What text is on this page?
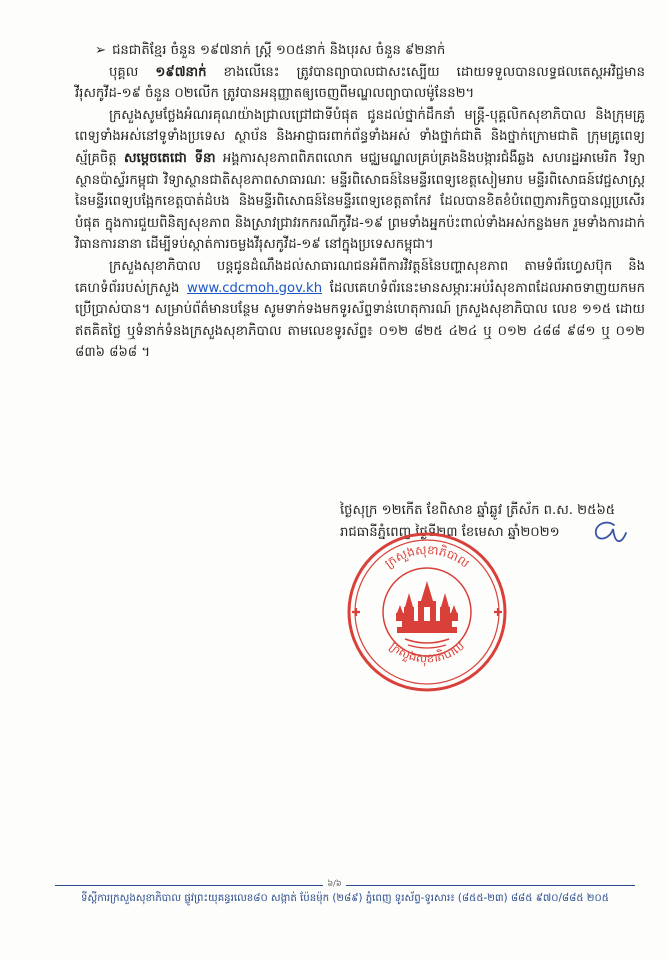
➢ ជនជាតិខ្មែរ ចំនួន ១៩៧នាក់ ស្ត្រី ១០៥នាក់ និងបុរស ចំនួន ៩២នាក់

បុគ្គល ១៩៧នាក់ ខាងលើនេះ ត្រូវបានព្យាបាលជាសះស្បើយ ដោយទទួលបានលទ្ធផលតេស្តអវិជ្ជមានវីរុសកូវីដ-១៩ ចំនួន ០២លើក ត្រូវបានអនុញ្ញាតឲ្យចេញពីមណ្ឌលព្យាបាលម៉ូនែន២។

ក្រសួងសូមថ្លែងអំណរគុណយ៉ាងជ្រាលជ្រៅជាទីបំផុត ជូនដល់ថ្នាក់ដឹកនាំ មន្ត្រី-បុគ្គលិកសុខាភិបាល និងក្រុមគ្រូពេទ្យទាំងអស់នៅទូទាំងប្រទេស ស្ថាប័ន និងអាជ្ញាធរពាក់ព័ន្ធទាំងអស់ ទាំងថ្នាក់ជាតិ និងថ្នាក់ក្រោមជាតិ ក្រុមគ្រូពេទ្យស្ម័គ្រចិត្ត សម្តេចតេជោ ទីនា អង្គការសុខភាពពិភពលោក មជ្ឈមណ្ឌលគ្រប់គ្រងនិងបង្ការជំងឺឆ្លង សហរដ្ឋអាមេរិក វិទ្យាស្ថានប៉ាស្ទ័រកម្ពុជា វិទ្យាស្ថានជាតិសុខភាពសាធារណៈ មន្ទីរពិសោធន៍នៃមន្ទីរពេទ្យខេត្តសៀមរាប មន្ទីរពិសោធន៍វេជ្ជសាស្ត្រនៃមន្ទីរពេទ្យបង្អែកខេត្តបាត់ដំបង និងមន្ទីរពិសោធន៍នៃមន្ទីរពេទ្យខេត្តតាកែវ ដែលបានខិតខំបំពេញភារកិច្ចបានល្អប្រសើរបំផុត ក្នុងការជួយពិនិត្យសុខភាព និងស្រាវជ្រាវរកករណីកូវីដ-១៩ ព្រមទាំងអ្នកប៉ះពាល់ទាំងអស់កន្លងមក រួមទាំងការដាក់វិធានការនានា ដើម្បីទប់ស្កាត់ការចម្លងវីរុសកូវីដ-១៩ នៅក្នុងប្រទេសកម្ពុជា។

ក្រសួងសុខាភិបាល បន្តជូនដំណឹងដល់សាធារណជនអំពីការវិវត្តន៍នៃបញ្ហាសុខភាព តាមទំព័រហ្វេសប៊ុក និងគេហទំព័ររបស់ក្រសួង www.cdcmoh.gov.kh ដែលគេហទំព័រនេះមានសម្ភារៈអប់រំសុខភាពដែលអាចទាញយកមកប្រើប្រាស់បាន។ សម្រាប់ព័ត៌មានបន្ថែម សូមទាក់ទងមកទូរស័ព្ទទាន់ហេតុការណ៍ ក្រសួងសុខាភិបាល លេខ ១១៥ ដោយឥតគិតថ្លៃ ឬទំនាក់ទំនងក្រសួងសុខាភិបាល តាមលេខទូរស័ព្ទ៖ ០១២ ៨២៥ ៤២៤ ឬ ០១២ ៤៨៨ ៩៨១ ឬ ០១២ ៨៣៦ ៨៦៨ ។

ថ្ងៃសុក្រ ១២កើត ខែពិសាខ ឆ្នាំឆ្លូវ ត្រីស័ក ព.ស. ២៥៦៥
រាជធានីភ្នំពេញ ថ្ងៃទី២៣ ខែមេសា ឆ្នាំ២០២១
ក្រសួងសុខាភិបាល
ក្រសួងសុខាភិបាល
៦/៦
ទីស្តីការក្រសួងសុខាភិបាល ផ្លូវព្រះយុគន្ធរលេខ៨០ សង្កាត់ ប៉ែនម៉ុក (២៨៩) ភ្នំពេញ ទូរស័ព្ទ-ទូរសារ៖ (៨៥៥-២៣) ៨៨៥ ៩៧០/៨៨៥ ២០៥
